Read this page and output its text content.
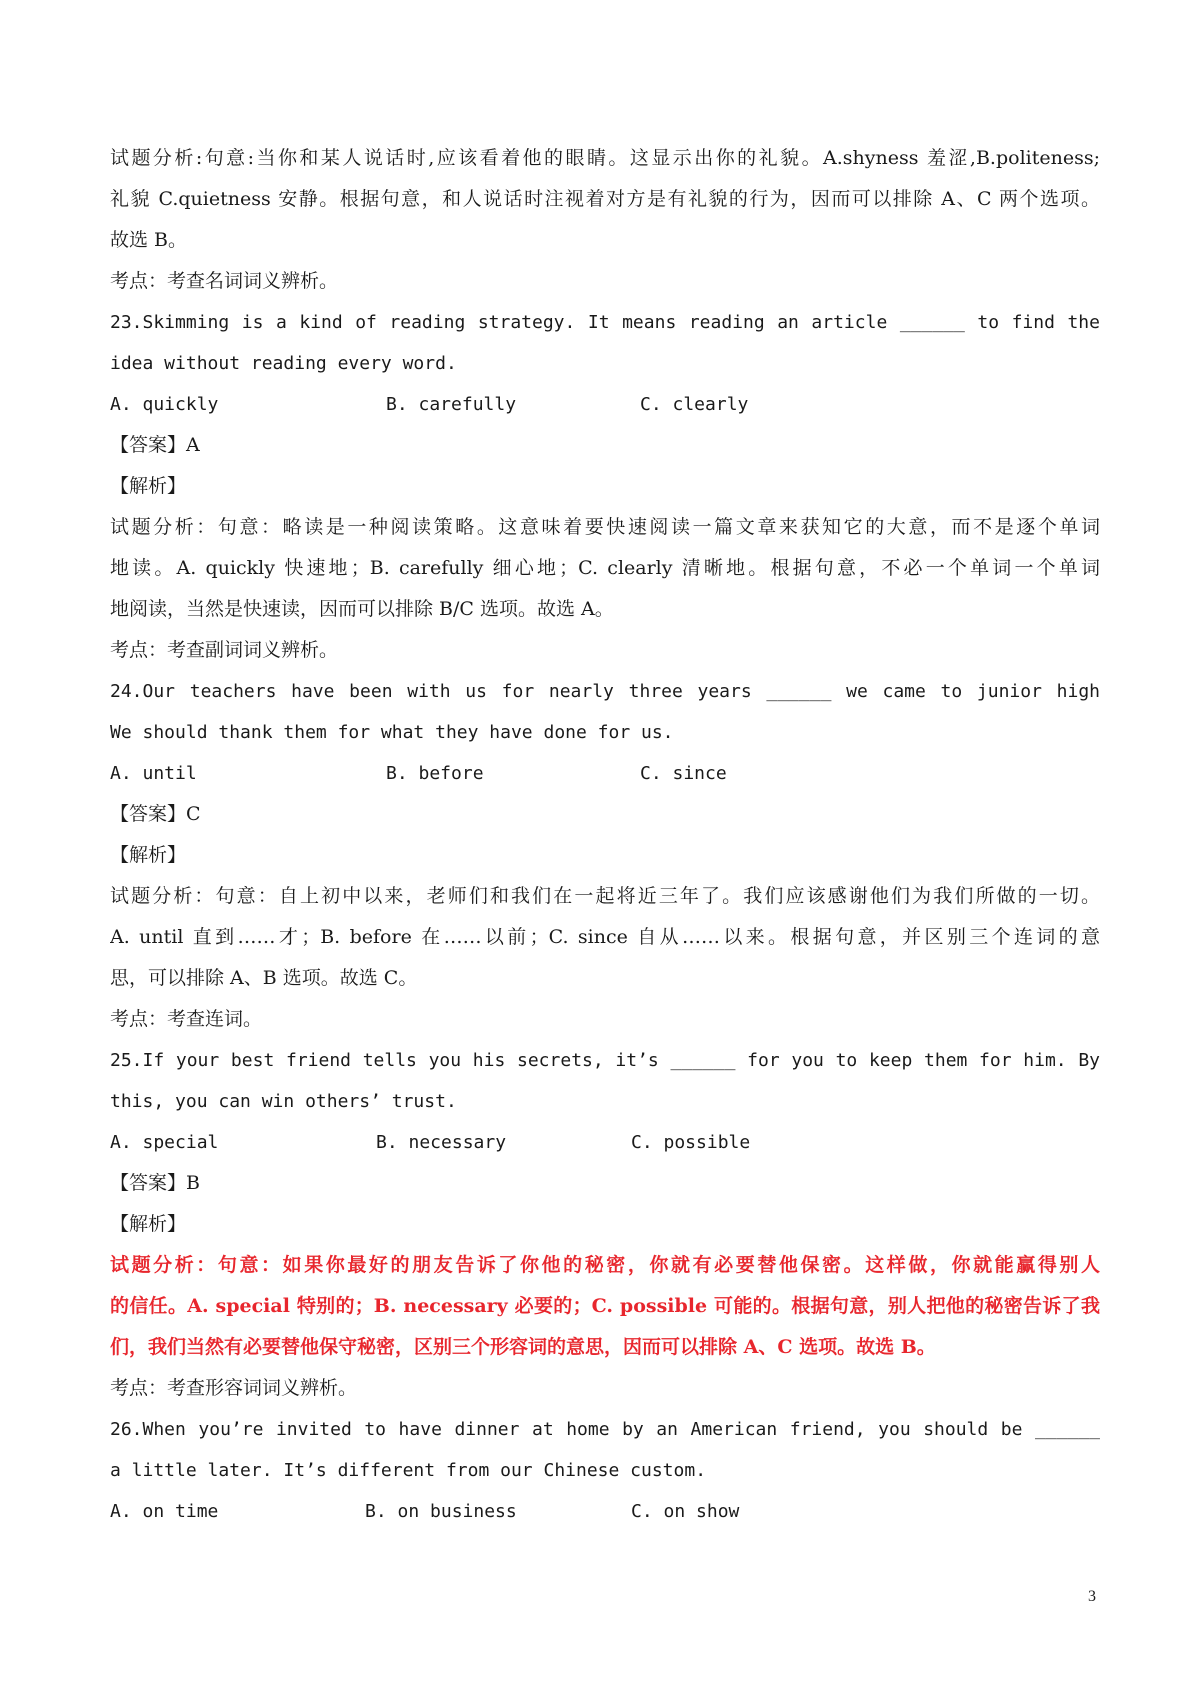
试题分析:句意:当你和某人说话时,应该看着他的眼睛。这显示出你的礼貌。A.shyness 羞涩,B.politeness;
礼貌 C.quietness 安静。根据句意，和人说话时注视着对方是有礼貌的行为，因而可以排除 A、C 两个选项。
故选 B。
考点：考查名词词义辨析。
23.Skimming is a kind of reading strategy. It means reading an article ______ to find the
idea without reading every word.
A. quickly	B. carefully	C. clearly
【答案】A
【解析】
试题分析：句意：略读是一种阅读策略。这意味着要快速阅读一篇文章来获知它的大意，而不是逐个单词
地读。A. quickly 快速地；B. carefully 细心地；C. clearly 清晰地。根据句意，不必一个单词一个单词
地阅读，当然是快速读，因而可以排除 B/C 选项。故选 A。
考点：考查副词词义辨析。
24.Our teachers have been with us for nearly three years ______ we came to junior high
We should thank them for what they have done for us.
A. until	B. before	C. since
【答案】C
【解析】
试题分析：句意：自上初中以来，老师们和我们在一起将近三年了。我们应该感谢他们为我们所做的一切。
A. until 直到……才；B. before 在……以前；C. since 自从……以来。根据句意，并区别三个连词的意
思，可以排除 A、B 选项。故选 C。
考点：考查连词。
25.If your best friend tells you his secrets, it’s ______ for you to keep them for him. By
this, you can win others’ trust.
A. special	B. necessary	C. possible
【答案】B
【解析】
试题分析：句意：如果你最好的朋友告诉了你他的秘密，你就有必要替他保密。这样做，你就能赢得别人
的信任。A. special 特别的；B. necessary 必要的；C. possible 可能的。根据句意，别人把他的秘密告诉了我
们，我们当然有必要替他保守秘密，区别三个形容词的意思，因而可以排除 A、C 选项。故选 B。
考点：考查形容词词义辨析。
26.When you’re invited to have dinner at home by an American friend, you should be ______
a little later. It’s different from our Chinese custom.
A. on time	B. on business	C. on show
3
